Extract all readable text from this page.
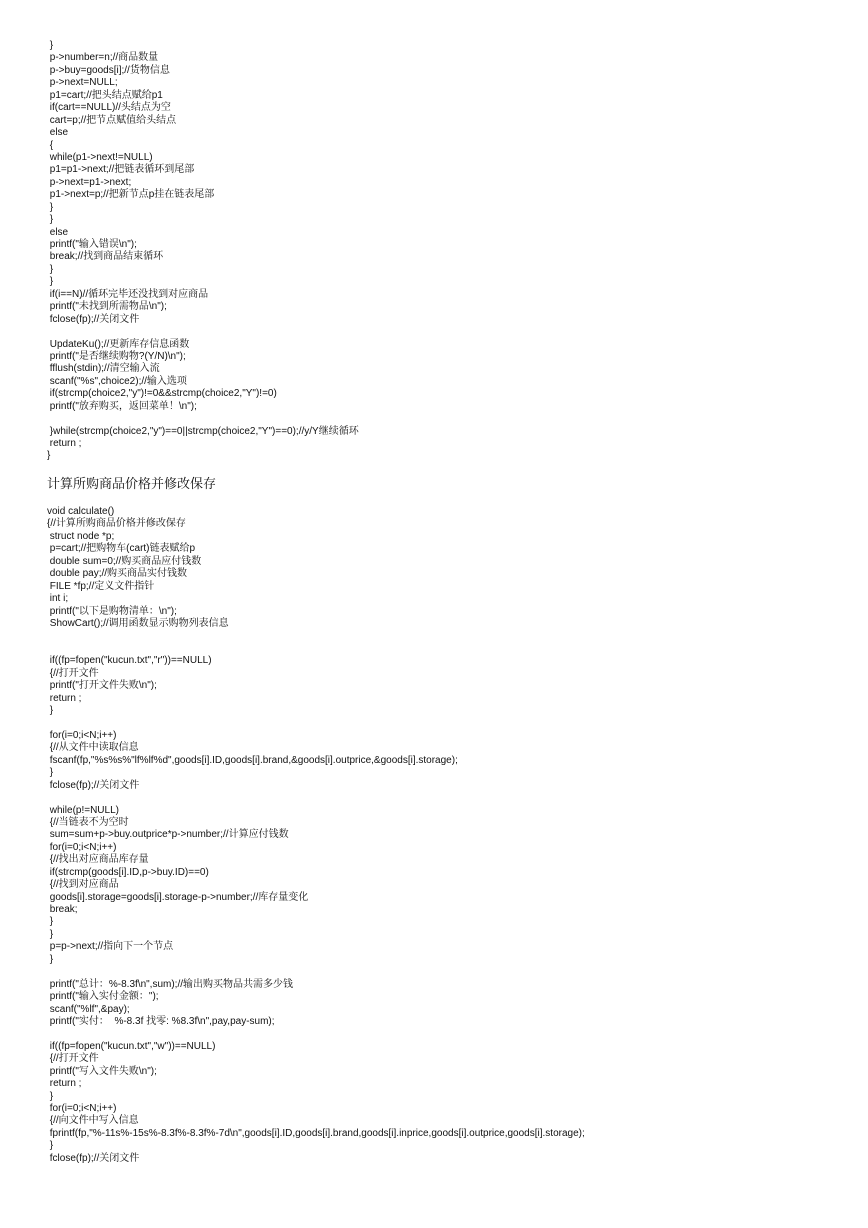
}
p->number=n;//商品数量
p->buy=goods[i];//货物信息
p->next=NULL;
p1=cart;//把头结点赋给p1
if(cart==NULL)//头结点为空
cart=p;//把节点赋值给头结点
else
{
while(p1->next!=NULL)
p1=p1->next;//把链表循环到尾部
p->next=p1->next;
p1->next=p;//把新节点p挂在链表尾部
}
}
else
printf("输入错误\n");
break;//找到商品结束循环
}
}
if(i==N)//循环完毕还没找到对应商品
printf("未找到所需物品\n");
fclose(fp);//关闭文件
UpdateKu();//更新库存信息函数
printf("是否继续购物?(Y/N)\n");
fflush(stdin);//清空输入流
scanf("%s",choice2);//输入选项
if(strcmp(choice2,"y")!=0&&strcmp(choice2,"Y")!=0)
printf("放弃购买，返回菜单！\n");
}while(strcmp(choice2,"y")==0||strcmp(choice2,"Y")==0);//y/Y继续循环
return ;
}
计算所购商品价格并修改保存
void calculate()
{//计算所购商品价格并修改保存
struct node *p;
p=cart;//把购物车(cart)链表赋给p
double sum=0;//购买商品应付钱数
double pay;//购买商品实付钱数
FILE *fp;//定义文件指针
int i;
printf("以下是购物清单：\n");
ShowCart();//调用函数显示购物列表信息
if((fp=fopen("kucun.txt","r"))==NULL)
{//打开文件
printf("打开文件失败\n");
return ;
}
for(i=0;i<N;i++)
{//从文件中读取信息
fscanf(fp,"%s%s%"lf%lf%d",goods[i].ID,goods[i].brand,&goods[i].outprice,&goods[i].storage);
}
fclose(fp);//关闭文件
while(p!=NULL)
{//当链表不为空时
sum=sum+p->buy.outprice*p->number;//计算应付钱数
for(i=0;i<N;i++)
{//找出对应商品库存量
if(strcmp(goods[i].ID,p->buy.ID)==0)
{//找到对应商品
goods[i].storage=goods[i].storage-p->number;//库存量变化
break;
}
}
p=p->next;//指向下一个节点
}
printf("总计：%-8.3f\n",sum);//输出购买物品共需多少钱
printf("输入实付金额：");
scanf("%lf",&pay);
printf("实付：  %-8.3f 找零: %8.3f\n",pay,pay-sum);
if((fp=fopen("kucun.txt","w"))==NULL)
{//打开文件
printf("写入文件失败\n");
return ;
}
for(i=0;i<N;i++)
{//向文件中写入信息
fprintf(fp,"%-11s%-15s%-8.3f%-8.3f%-7d\n",goods[i].ID,goods[i].brand,goods[i].inprice,goods[i].outprice,goods[i].storage);
}
fclose(fp);//关闭文件
